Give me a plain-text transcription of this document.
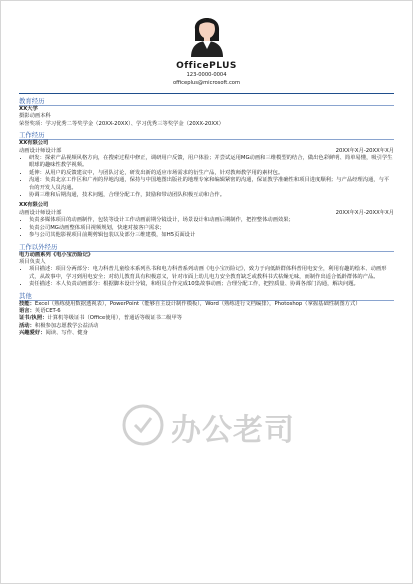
OfficePLUS
123-0000-0004
officeplus@microsoft.com
教育经历
XX大学
摄影动画本科
荣誉奖项：学习优秀二等奖学金（20XX-20XX）、学习优秀三等奖学金（20XX-20XX）
工作经历
XX有限公司
动画设计师设计部	20XX年X月-20XX年X月
• 研发：探索产品视频风格方向，在搜索过程中修正，调研用户反馈，用户体验；并尝试运用MG动画和三维模型的结合，做出色彩鲜明、简单易懂，吸引学生眼球的趣味性教学视频。
• 延伸：从用户的反馈建议中，与团队讨论，研发出新的适应市场需求的衍生产品，针对教师教学用的素材包。
• 沟通：负责北京工作区和广州的异地沟通，保持与中国地图出版社的地理专家和编辑紧密的沟通，保证教学准确性和项目进度顺利；与产品经理沟通，与平台的开发人员沟通。
• 协调三维和后期沟通，技术问题，合理分配工作，鼓励和带动团队积极互动和合作。
XX有限公司
动画设计师设计部	20XX年X月-20XX年X月
• 负责多媒体项目的动画制作，包装等设计工作动画前期分镜设计，场景设计和动画后期制作，把控整体动画效果；
• 负责公司MG动画整体项目视频规划，快速对接客户需求；
• 参与公司其他影视项目前期剪辑包装以及部分三维建模，如H5页面设计
工作以外经历
电力动画系列《电小宝历险记》
项目负责人
• 项目描述：项目分两部分：电力科普儿童绘本系列丛书和电力科普系列动画《电小宝历险记》，致力于向低龄群体科普用电安全，利用有趣的绘本、动画形式，从故事中，学习到用电安全；对幼儿教育具有积极意义，针对市面上幼儿电力安全教育缺乏或教科书式枯燥无味，而制作出适合低龄群体的产品。
• 责任描述：本人负责动画部分：根据脚本设计分镜，和组员合作完成10集故事动画；合理分配工作，把控质量、协调各部门沟通，解决问题。
其他
技能：Excel（熟练使用数据透视表），PowerPoint（能够自主设计制作模板），Word（熟练进行文档编排），Photoshop（掌握基础性制图方式）
语言：英语CET-6
证书/执照：计算机等级证书（Office使用），普通话等级证书二级甲等
活动：积极参加志愿教学公益活动
兴趣爱好：阅读、写作、健身
办公老司
